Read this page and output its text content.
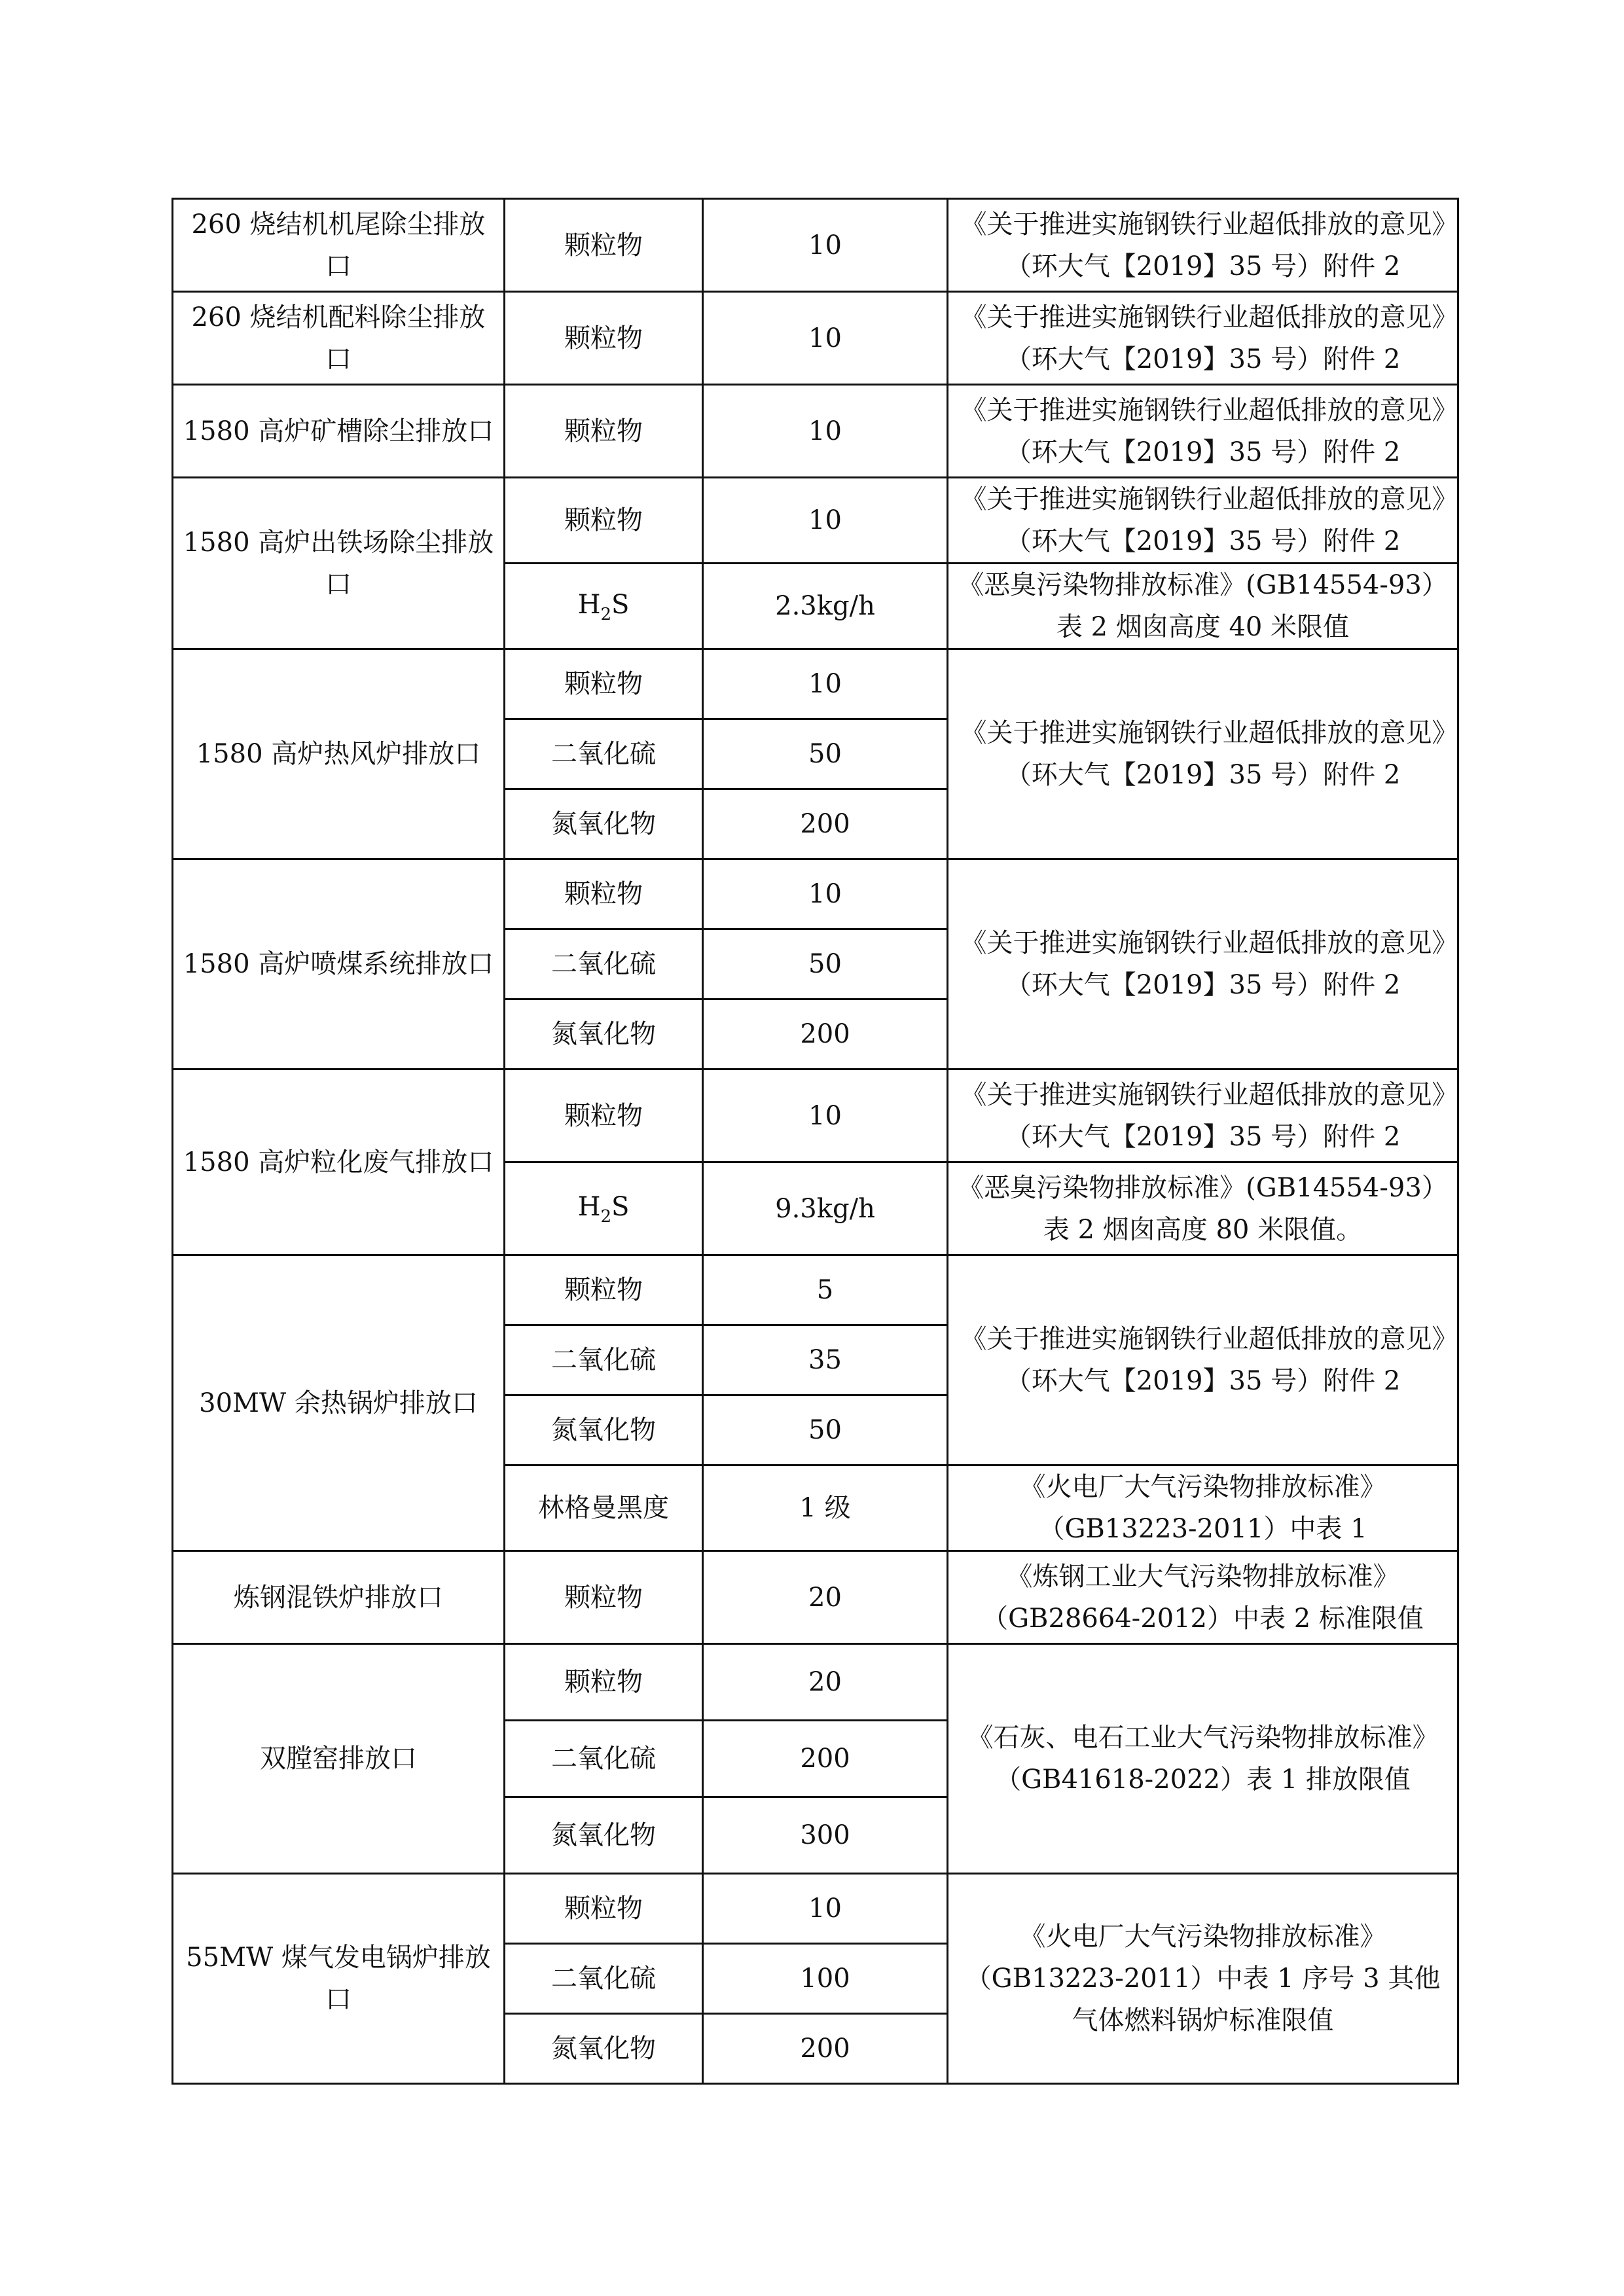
260 烧结机机尾除尘排放口	颗粒物	10	《关于推进实施钢铁行业超低排放的意见》（环大气【2019】35 号）附件 2
260 烧结机配料除尘排放口	颗粒物	10	《关于推进实施钢铁行业超低排放的意见》（环大气【2019】35 号）附件 2
1580 高炉矿槽除尘排放口	颗粒物	10	《关于推进实施钢铁行业超低排放的意见》（环大气【2019】35 号）附件 2
1580 高炉出铁场除尘排放口	颗粒物	10	《关于推进实施钢铁行业超低排放的意见》（环大气【2019】35 号）附件 2
	$H_2S$	2.3kg/h	《恶臭污染物排放标准》(GB14554-93）表 2 烟囱高度 40 米限值
1580 高炉热风炉排放口	颗粒物	10	《关于推进实施钢铁行业超低排放的意见》（环大气【2019】35 号）附件 2
	二氧化硫	50	
	氮氧化物	200	
1580 高炉喷煤系统排放口	颗粒物	10	《关于推进实施钢铁行业超低排放的意见》（环大气【2019】35 号）附件 2
	二氧化硫	50	
	氮氧化物	200	
1580 高炉粒化废气排放口	颗粒物	10	《关于推进实施钢铁行业超低排放的意见》（环大气【2019】35 号）附件 2
	$H_2S$	9.3kg/h	《恶臭污染物排放标准》(GB14554-93）表 2 烟囱高度 80 米限值。
30MW 余热锅炉排放口	颗粒物	5	《关于推进实施钢铁行业超低排放的意见》（环大气【2019】35 号）附件 2
	二氧化硫	35	
	氮氧化物	50	
	林格曼黑度	1 级	《火电厂大气污染物排放标准》（GB13223-2011）中表 1
炼钢混铁炉排放口	颗粒物	20	《炼钢工业大气污染物排放标准》（GB28664-2012）中表 2 标准限值
双膛窑排放口	颗粒物	20	《石灰、电石工业大气污染物排放标准》（GB41618-2022）表 1 排放限值
	二氧化硫	200	
	氮氧化物	300	
55MW 煤气发电锅炉排放口	颗粒物	10	《火电厂大气污染物排放标准》（GB13223-2011）中表 1 序号 3 其他气体燃料锅炉标准限值
	二氧化硫	100	
	氮氧化物	200	
